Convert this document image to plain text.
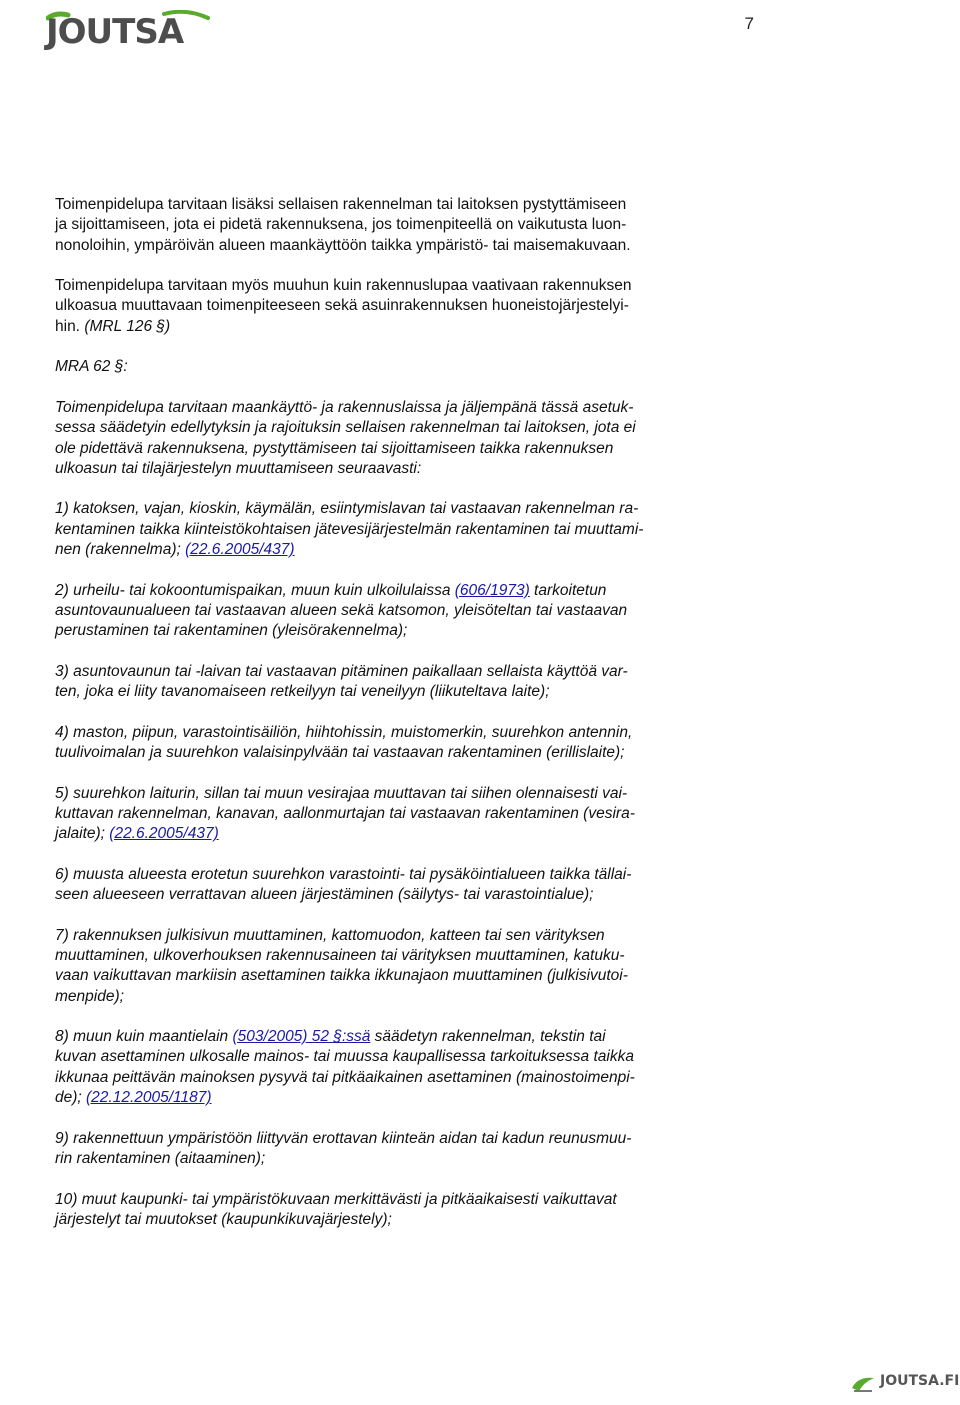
JOUTSA	7
Toimenpidelupa tarvitaan lisäksi sellaisen rakennelman tai laitoksen pystyttämiseen
ja sijoittamiseen, jota ei pidetä rakennuksena, jos toimenpiteellä on vaikutusta luon-
nonoloihin, ympäröivän alueen maankäyttöön taikka ympäristö- tai maisemakuvaan.
Toimenpidelupa tarvitaan myös muuhun kuin rakennuslupaa vaativaan rakennuksen
ulkoasua muuttavaan toimenpiteeseen sekä asuinrakennuksen huoneistojärjestelyi-
hin. (MRL 126 §)
MRA 62 §:
Toimenpidelupa tarvitaan maankäyttö- ja rakennuslaissa ja jäljempänä tässä asetuk-
sessa säädetyin edellytyksin ja rajoituksin sellaisen rakennelman tai laitoksen, jota ei
ole pidettävä rakennuksena, pystyttämiseen tai sijoittamiseen taikka rakennuksen
ulkoasun tai tilajärjestelyn muuttamiseen seuraavasti:
1) katoksen, vajan, kioskin, käymälän, esiintymislavan tai vastaavan rakennelman ra-
kentaminen taikka kiinteistökohtaisen jätevesijärjestelmän rakentaminen tai muuttami-
nen (rakennelma); (22.6.2005/437)
2) urheilu- tai kokoontumispaikan, muun kuin ulkoilulaissa (606/1973) tarkoitetun
asuntovaunualueen tai vastaavan alueen sekä katsomon, yleisöteltan tai vastaavan
perustaminen tai rakentaminen (yleisörakennelma);
3) asuntovaunun tai -laivan tai vastaavan pitäminen paikallaan sellaista käyttöä var-
ten, joka ei liity tavanomaiseen retkeilyyn tai veneilyyn (liikuteltava laite);
4) maston, piipun, varastointisäiliön, hiihtohissin, muistomerkin, suurehkon antennin,
tuulivoimalan ja suurehkon valaisinpylvään tai vastaavan rakentaminen (erillislaite);
5) suurehkon laiturin, sillan tai muun vesirajaa muuttavan tai siihen olennaisesti vai-
kuttavan rakennelman, kanavan, aallonmurtajan tai vastaavan rakentaminen (vesira-
jalaite); (22.6.2005/437)
6) muusta alueesta erotetun suurehkon varastointi- tai pysäköintialueen taikka tällai-
seen alueeseen verrattavan alueen järjestäminen (säilytys- tai varastointialue);
7) rakennuksen julkisivun muuttaminen, kattomuodon, katteen tai sen värityksen
muuttaminen, ulkoverhouksen rakennusaineen tai värityksen muuttaminen, katuku-
vaan vaikuttavan markiisin asettaminen taikka ikkunajaon muuttaminen (julkisivutoi-
menpide);
8) muun kuin maantielain (503/2005) 52 §:ssä säädetyn rakennelman, tekstin tai
kuvan asettaminen ulkosalle mainos- tai muussa kaupallisessa tarkoituksessa taikka
ikkunaa peittävän mainoksen pysyvä tai pitkäaikainen asettaminen (mainostoimenpi-
de); (22.12.2005/1187)
9) rakennettuun ympäristöön liittyvän erottavan kiinteän aidan tai kadun reunusmuu-
rin rakentaminen (aitaaminen);
10) muut kaupunki- tai ympäristökuvaan merkittävästi ja pitkäaikaisesti vaikuttavat
järjestelyt tai muutokset (kaupunkikuvajärjestely);
JOUTSA.FI
